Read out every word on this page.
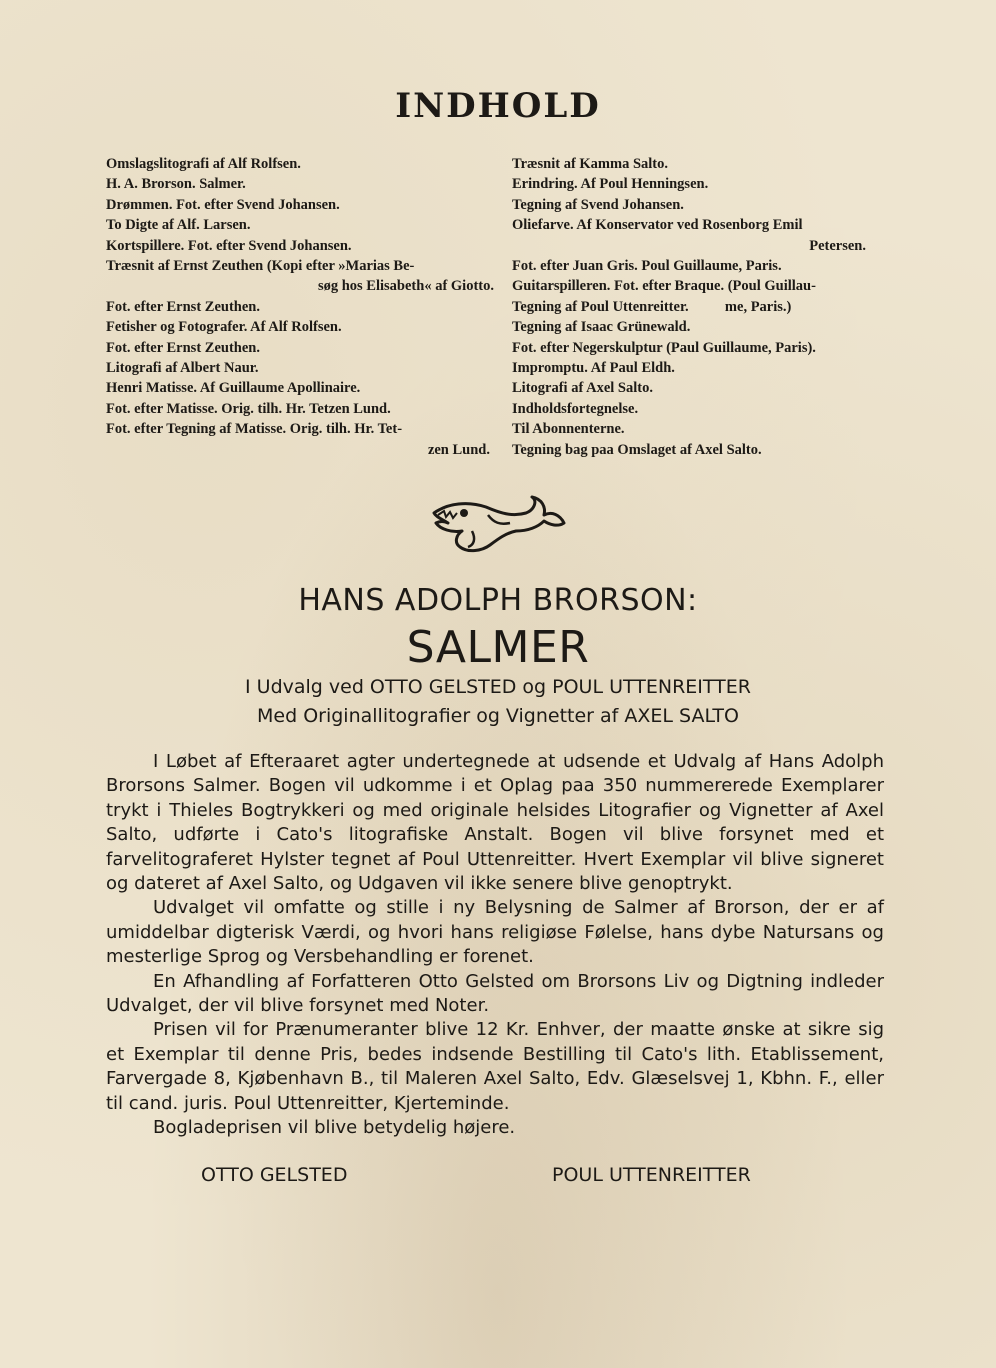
INDHOLD

Omslagslitografi af Alf Rolfsen.

H. A. Brorson. Salmer.

Drømmen. Fot. efter Svend Johansen.

To Digte af Alf. Larsen.

Kortspillere. Fot. efter Svend Johansen.

Træsnit af Ernst Zeuthen (Kopi efter »Marias Be-

søg hos Elisabeth« af Giotto.

Fot. efter Ernst Zeuthen.

Fetisher og Fotografer. Af Alf Rolfsen.

Fot. efter Ernst Zeuthen.

Litografi af Albert Naur.

Henri Matisse. Af Guillaume Apollinaire.

Fot. efter Matisse. Orig. tilh. Hr. Tetzen Lund.

Fot. efter Tegning af Matisse. Orig. tilh. Hr. Tet-

zen Lund.

Træsnit af Kamma Salto.

Erindring. Af Poul Henningsen.

Tegning af Svend Johansen.

Oliefarve. Af Konservator ved Rosenborg Emil

Petersen.

Fot. efter Juan Gris. Poul Guillaume, Paris.

Guitarspilleren. Fot. efter Braque. (Poul Guillau-

Tegning af Poul Uttenreitter.          me, Paris.)

Tegning af Isaac Grünewald.

Fot. efter Negerskulptur (Paul Guillaume, Paris).

Impromptu. Af Paul Eldh.

Litografi af Axel Salto.

Indholdsfortegnelse.

Til Abonnenterne.

Tegning bag paa Omslaget af Axel Salto.

HANS ADOLPH BRORSON:
SALMER
I Udvalg ved OTTO GELSTED og POUL UTTENREITTER
Med Originallitografier og Vignetter af AXEL SALTO

I Løbet af Efteraaret agter undertegnede at udsende et Udvalg af Hans Adolph Brorsons Salmer. Bogen vil udkomme i et Oplag paa 350 nummererede Exemplarer trykt i Thieles Bogtrykkeri og med originale helsides Litografier og Vignetter af Axel Salto, udførte i Cato's litografiske Anstalt. Bogen vil blive forsynet med et farvelitograferet Hylster tegnet af Poul Uttenreitter. Hvert Exemplar vil blive signeret og dateret af Axel Salto, og Udgaven vil ikke senere blive genoptrykt.

Udvalget vil omfatte og stille i ny Belysning de Salmer af Brorson, der er af umiddelbar digterisk Værdi, og hvori hans religiøse Følelse, hans dybe Natursans og mesterlige Sprog og Versbehandling er forenet.

En Afhandling af Forfatteren Otto Gelsted om Brorsons Liv og Digtning indleder Udvalget, der vil blive forsynet med Noter.

Prisen vil for Prænumeranter blive 12 Kr. Enhver, der maatte ønske at sikre sig et Exemplar til denne Pris, bedes indsende Bestilling til Cato's lith. Etablissement, Farvergade 8, Kjøbenhavn B., til Maleren Axel Salto, Edv. Glæselsvej 1, Kbhn. F., eller til cand. juris. Poul Uttenreitter, Kjerteminde.

Bogladeprisen vil blive betydelig højere.

OTTO GELSTED	POUL UTTENREITTER
